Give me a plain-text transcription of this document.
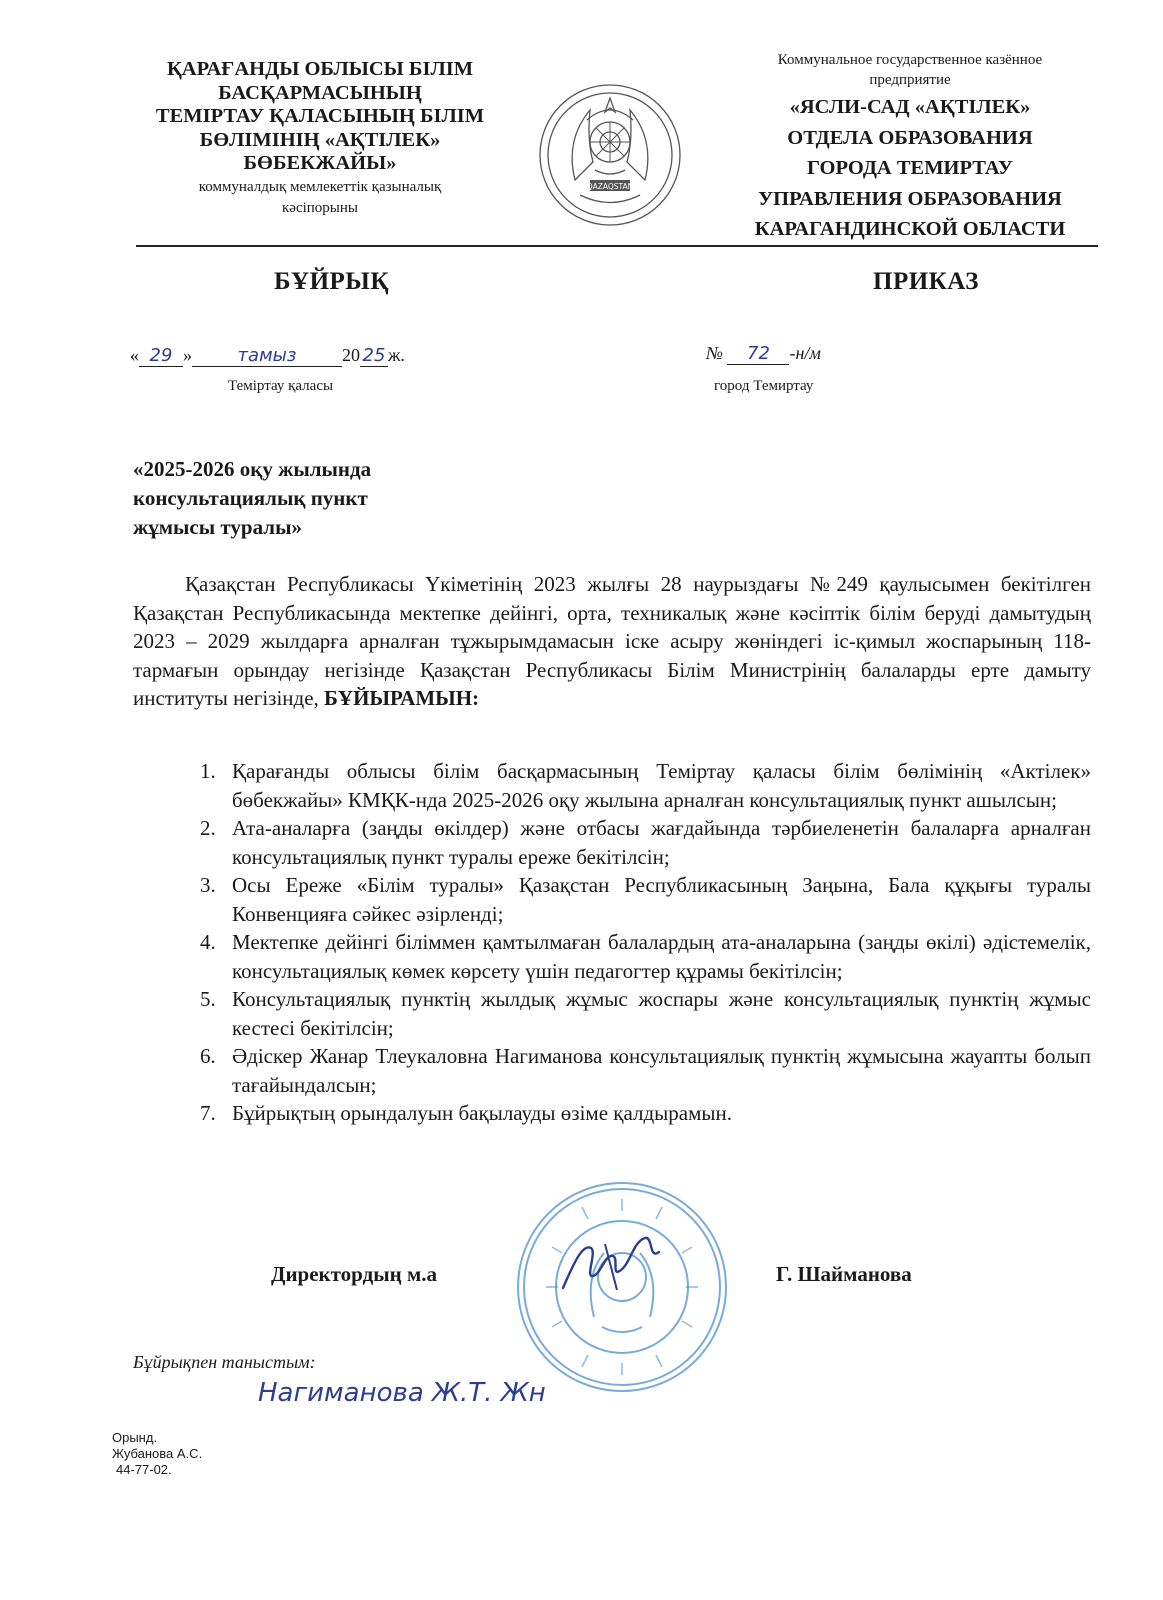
ҚАРАҒАНДЫ ОБЛЫСЫ БІЛІМ
БАСҚАРМАСЫНЫҢ
ТЕМІРТАУ ҚАЛАСЫНЫҢ БІЛІМ
БӨЛІМІНІҢ «АҚТІЛЕК»
БӨБЕКЖАЙЫ»
коммуналдық мемлекеттік қазыналық
кәсіпорыны
QAZAQSTAN
Коммунальное государственное казённое
предприятие
«ЯСЛИ-САД «АҚТІЛЕК»
ОТДЕЛА ОБРАЗОВАНИЯ
ГОРОДА ТЕМИРТАУ
УПРАВЛЕНИЯ ОБРАЗОВАНИЯ
КАРАГАНДИНСКОЙ ОБЛАСТИ
БҰЙРЫҚ	ПРИКАЗ
« 29 »	тамыз	20 25 ж.
Теміртау қаласы
№ 72 -н/м
город Темиртау
«2025-2026 оқу жылында
консультациялық пункт
жұмысы туралы»

Қазақстан Республикасы Үкіметінің 2023 жылғы 28 наурыздағы №249 қаулысымен бекітілген Қазақстан Республикасында мектепке дейінгі, орта, техникалық және кәсіптік білім беруді дамытудың 2023 – 2029 жылдарға арналған тұжырымдамасын іске асыру жөніндегі іс-қимыл жоспарының 118-тармағын орындау негізінде Қазақстан Республикасы Білім Министрінің балаларды ерте дамыту институты негізінде, БҰЙЫРАМЫН:

1. Қарағанды облысы білім басқармасының Теміртау қаласы білім бөлімінің «Актілек» бөбекжайы» КМҚК-нда 2025-2026 оқу жылына арналған консультациялық пункт ашылсын;
2. Ата-аналарға (заңды өкілдер) және отбасы жағдайында тәрбиеленетін балаларға арналған консультациялық пункт туралы ереже бекітілсін;
3. Осы Ереже «Білім туралы» Қазақстан Республикасының Заңына, Бала құқығы туралы Конвенцияға сәйкес әзірленді;
4. Мектепке дейінгі біліммен қамтылмаған балалардың ата-аналарына (заңды өкілі) әдістемелік, консультациялық көмек көрсету үшін педагогтер құрамы бекітілсін;
5. Консультациялық пунктің жылдық жұмыс жоспары және консультациялық пунктің жұмыс кестесі бекітілсін;
6. Әдіскер Жанар Тлеукаловна Нагиманова консультациялық пунктің жұмысына жауапты болып тағайындалсын;
7. Бұйрықтың орындалуын бақылауды өзіме қалдырамын.
Директордың м.а	Г. Шайманова
Бұйрықпен таныстым:
Нагиманова Ж.Т. Жн
Орынд.
Жубанова А.С.
44-77-02.
